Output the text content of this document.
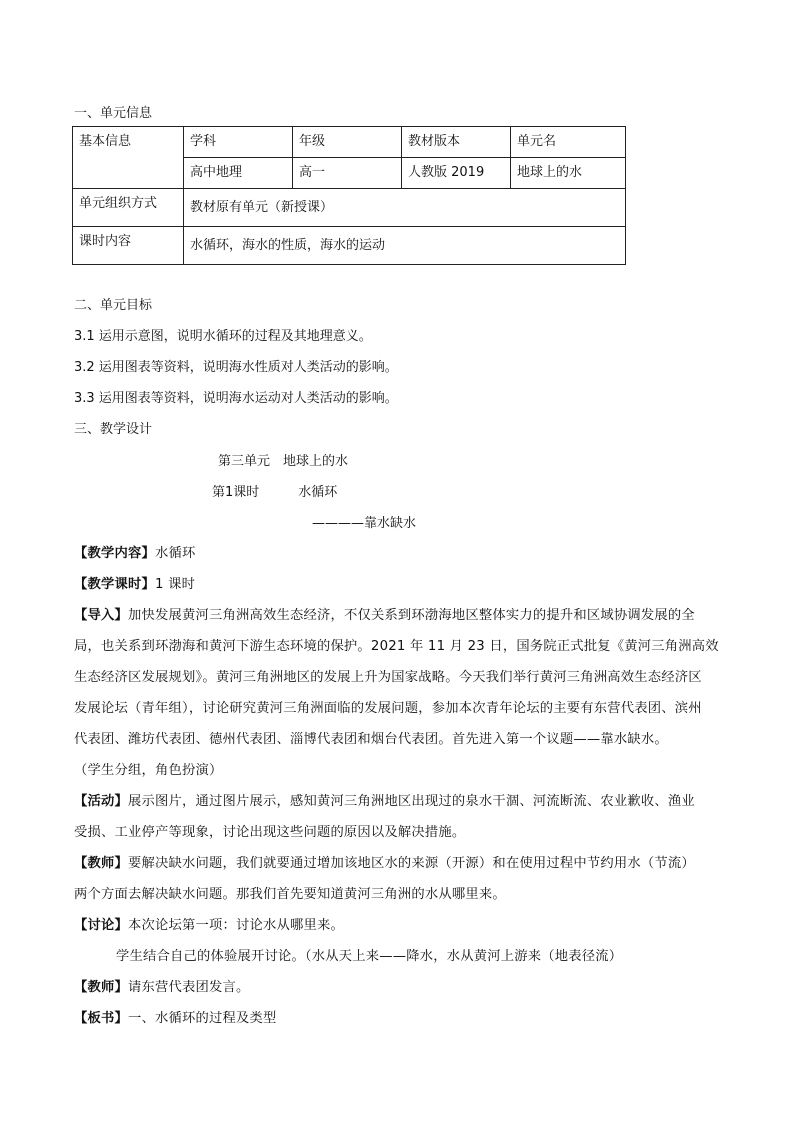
一、单元信息
基本信息	学科	年级	教材版本	单元名
	高中地理	高一	人教版 2019	地球上的水
单元组织方式	教材原有单元（新授课）			
课时内容	水循环，海水的性质，海水的运动			
二、单元目标
3.1 运用示意图，说明水循环的过程及其地理意义。
3.2 运用图表等资料，说明海水性质对人类活动的影响。
3.3 运用图表等资料，说明海水运动对人类活动的影响。
三、教学设计
第三单元　地球上的水
第1课时　　　水循环
————靠水缺水
【教学内容】水循环
【教学课时】1 课时
【导入】加快发展黄河三角洲高效生态经济，不仅关系到环渤海地区整体实力的提升和区域协调发展的全
局，也关系到环渤海和黄河下游生态环境的保护。2021 年 11 月 23 日，国务院正式批复《黄河三角洲高效
生态经济区发展规划》。黄河三角洲地区的发展上升为国家战略。今天我们举行黄河三角洲高效生态经济区
发展论坛（青年组），讨论研究黄河三角洲面临的发展问题，参加本次青年论坛的主要有东营代表团、滨州
代表团、潍坊代表团、德州代表团、淄博代表团和烟台代表团。首先进入第一个议题——靠水缺水。
（学生分组，角色扮演）
【活动】展示图片，通过图片展示，感知黄河三角洲地区出现过的泉水干涸、河流断流、农业歉收、渔业
受损、工业停产等现象，讨论出现这些问题的原因以及解决措施。
【教师】要解决缺水问题，我们就要通过增加该地区水的来源（开源）和在使用过程中节约用水（节流）
两个方面去解决缺水问题。那我们首先要知道黄河三角洲的水从哪里来。
【讨论】本次论坛第一项：讨论水从哪里来。
学生结合自己的体验展开讨论。（水从天上来——降水，水从黄河上游来（地表径流）
【教师】请东营代表团发言。
【板书】一、水循环的过程及类型
